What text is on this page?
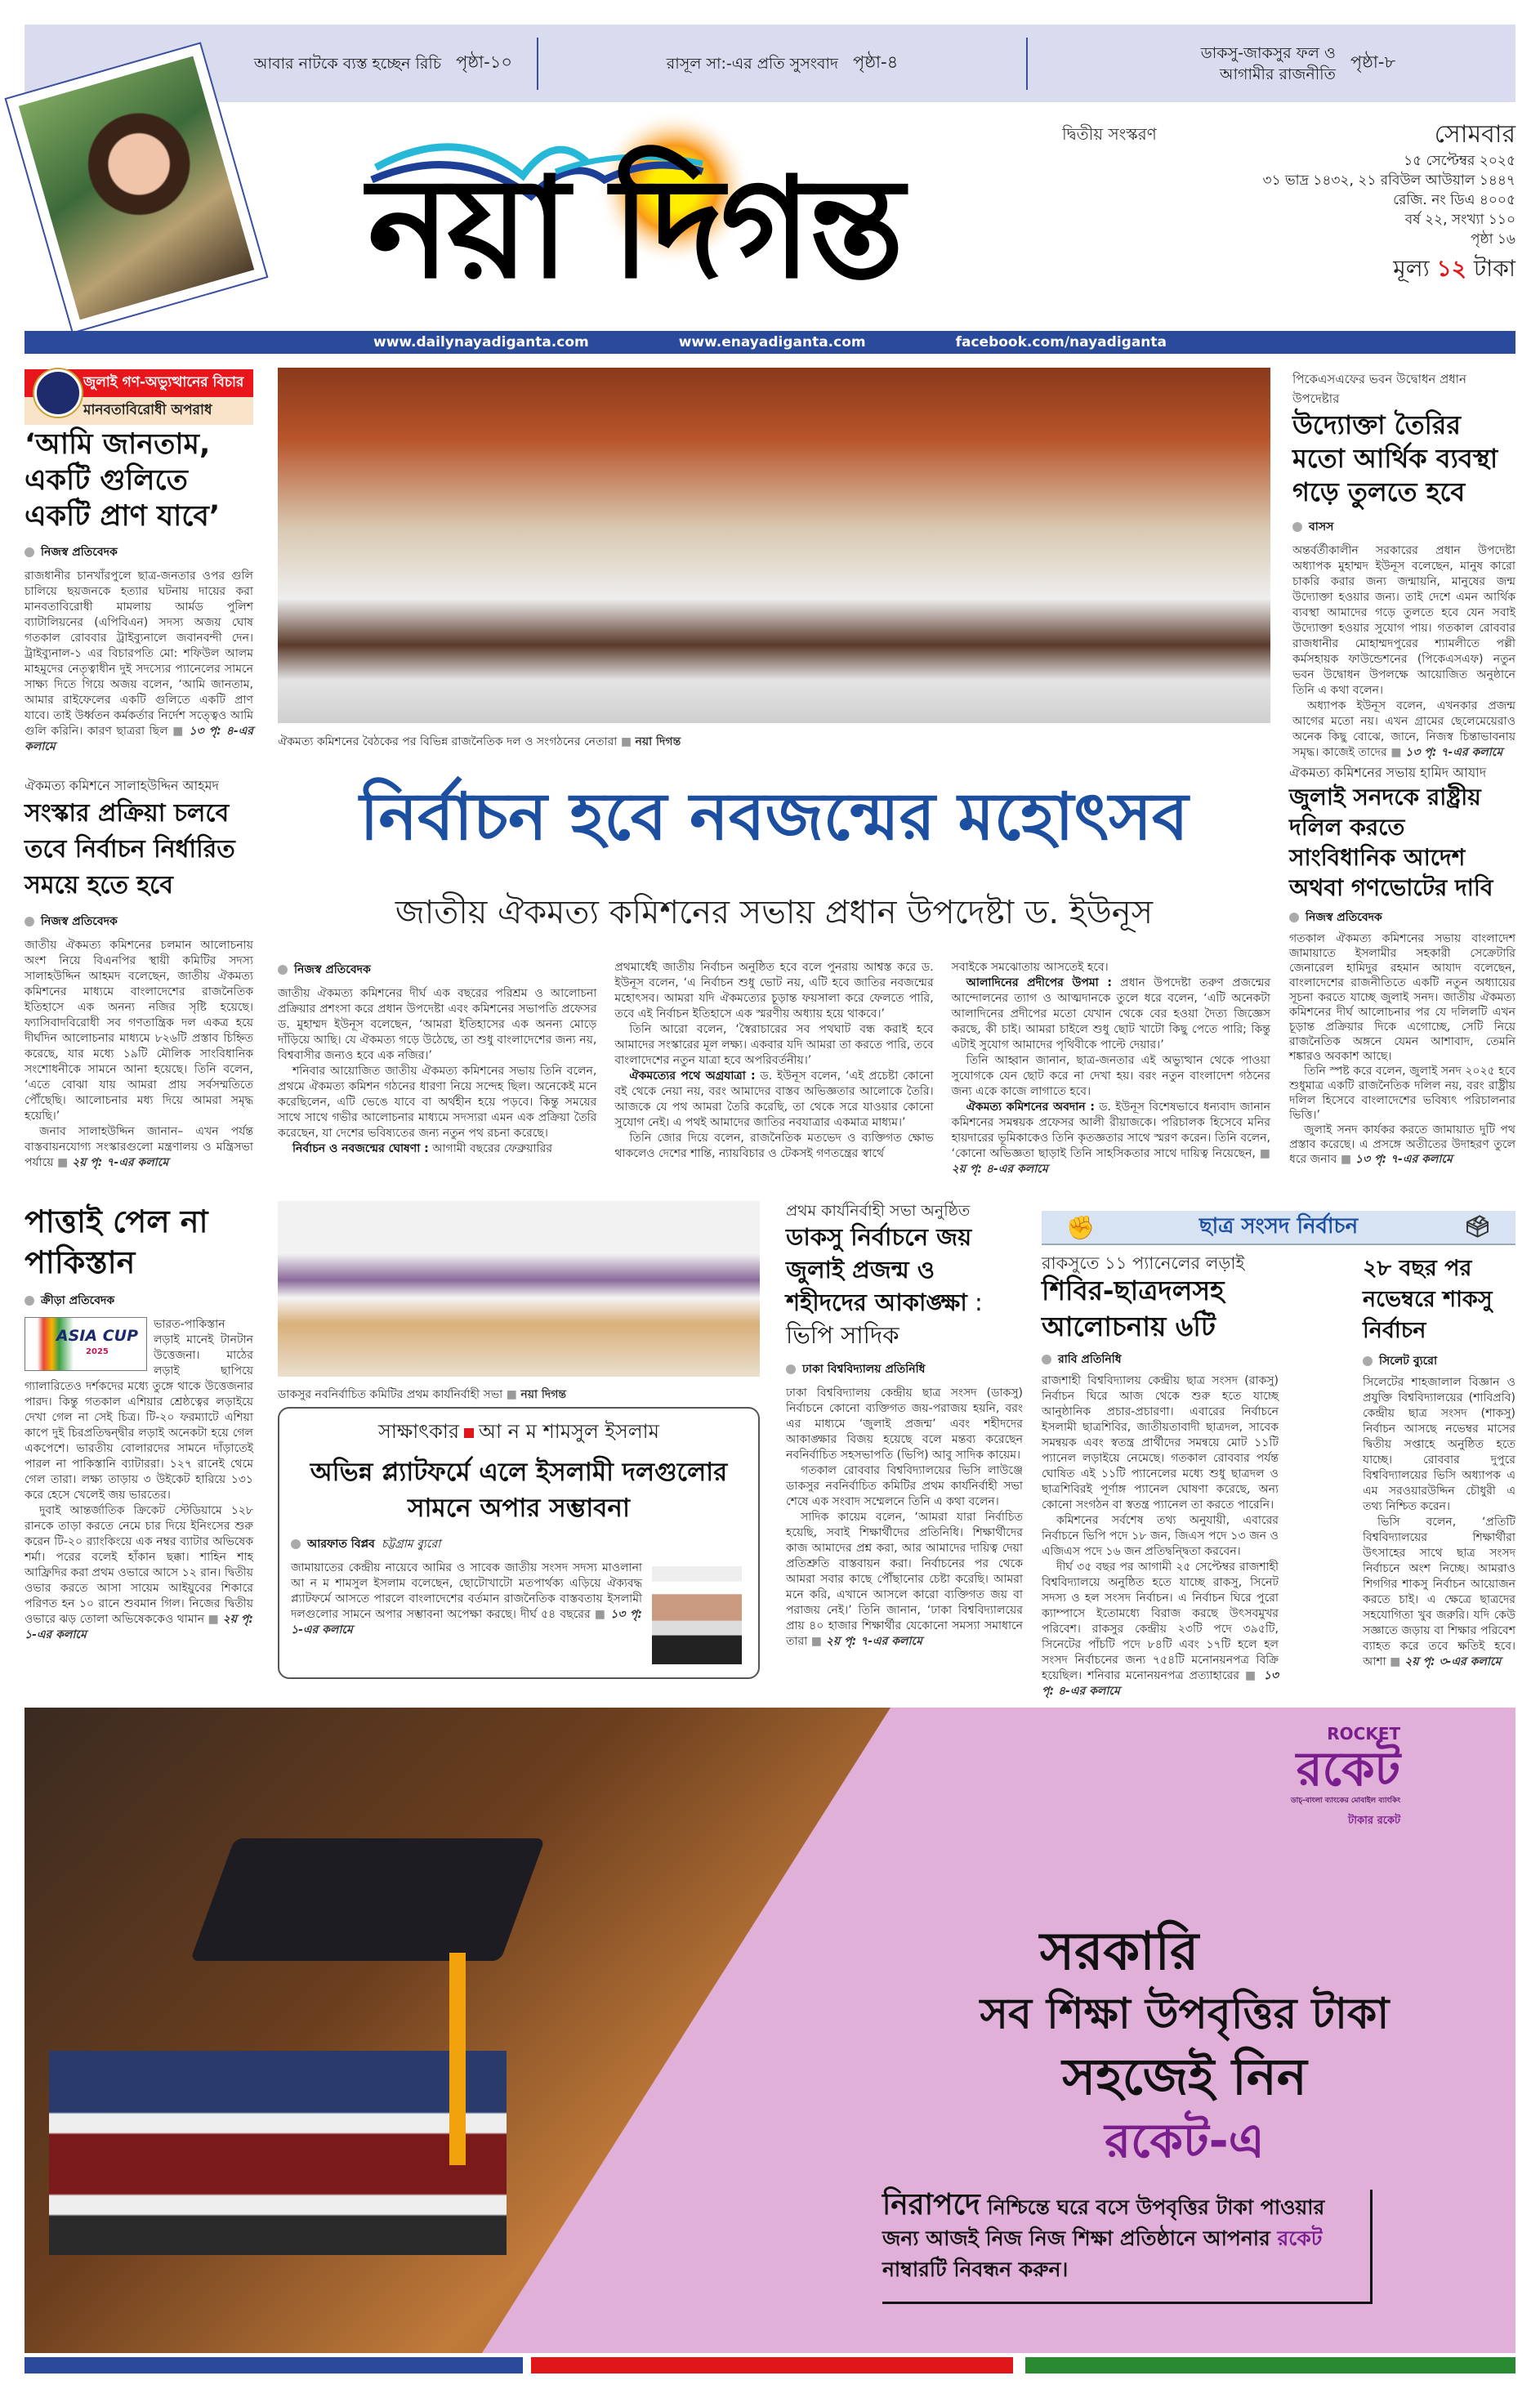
আবার নাটকে ব্যস্ত হচ্ছেন রিচি পৃষ্ঠা-১০	রাসূল সা:-এর প্রতি সুসংবাদ পৃষ্ঠা-৪	ডাকসু-জাকসুর ফল ও আগামীর রাজনীতি
পৃষ্ঠা-৮
নয়া দিগন্ত
দ্বিতীয় সংস্করণ	সোমবার
১৫ সেপ্টেম্বর ২০২৫
৩১ ভাদ্র ১৪৩২, ২১ রবিউল আউয়াল ১৪৪৭
রেজি. নং ডিএ ৪০০৫
বর্ষ ২২, সংখ্যা ১১০
পৃষ্ঠা ১৬
মূল্য ১২ টাকা
www.dailynayadiganta.com	www.enayadiganta.com	facebook.com/nayadiganta
জুলাই গণ-অভ্যুত্থানের বিচার
মানবতাবিরোধী অপরাধ
‘আমি জানতাম, একটি গুলিতে একটি প্রাণ যাবে’
নিজস্ব প্রতিবেদক

রাজধানীর চানখাঁরপুলে ছাত্র-জনতার ওপর গুলি চালিয়ে ছয়জনকে হত্যার ঘটনায় দায়ের করা মানবতাবিরোধী মামলায় আর্মড পুলিশ ব্যাটালিয়নের (এপিবিএন) সদস্য অজয় ঘোষ গতকাল রোববার ট্রাইব্যুনালে জবানবন্দী দেন। ট্রাইব্যুনাল-১ এর বিচারপতি মো: শফিউল আলম মাহমুদের নেতৃত্বাধীন দুই সদস্যের প্যানেলের সামনে সাক্ষ্য দিতে গিয়ে অজয় বলেন, ‘আমি জানতাম, আমার রাইফেলের একটি গুলিতে একটি প্রাণ যাবে। তাই উর্ধ্বতন কর্মকর্তার নির্দেশ সত্ত্বেও আমি গুলি করিনি। কারণ ছাত্ররা ছিল ■ ১৩ পৃ: ৪-এর কলামে	ঐকমত্য কমিশনের বৈঠকের পর বিভিন্ন রাজনৈতিক দল ও সংগঠনের নেতারা ■ নয়া দিগন্ত
পিকেএসএফের ভবন উদ্বোধন প্রধান উপদেষ্টার
উদ্যোক্তা তৈরির মতো আর্থিক ব্যবস্থা গড়ে তুলতে হবে
বাসস

অন্তর্বর্তীকালীন সরকারের প্রধান উপদেষ্টা অধ্যাপক মুহাম্মদ ইউনূস বলেছেন, মানুষ কারো চাকরি করার জন্য জন্মায়নি, মানুষের জন্ম উদ্যোক্তা হওয়ার জন্য। তাই দেশে এমন আর্থিক ব্যবস্থা আমাদের গড়ে তুলতে হবে যেন সবাই উদ্যোক্তা হওয়ার সুযোগ পায়। গতকাল রোববার রাজধানীর মোহাম্মদপুরের শ্যামলীতে পল্লী কর্মসহায়ক ফাউন্ডেশনের (পিকেএসএফ) নতুন ভবন উদ্বোধন উপলক্ষে আয়োজিত অনুষ্ঠানে তিনি এ কথা বলেন।

অধ্যাপক ইউনূস বলেন, এখনকার প্রজন্ম আগের মতো নয়। এখন গ্রামের ছেলেমেয়েরাও অনেক কিছু বোঝে, জানে, নিজস্ব চিন্তাভাবনায় সমৃদ্ধ। কাজেই তাদের ■ ১৩ পৃ: ৭-এর কলামে

ঐকমত্য কমিশনে সালাহউদ্দিন আহমদ
সংস্কার প্রক্রিয়া চলবে তবে নির্বাচন নির্ধারিত সময়ে হতে হবে
নিজস্ব প্রতিবেদক

জাতীয় ঐকমত্য কমিশনের চলমান আলোচনায় অংশ নিয়ে বিএনপির স্থায়ী কমিটির সদস্য সালাহউদ্দিন আহমদ বলেছেন, জাতীয় ঐকমত্য কমিশনের মাধ্যমে বাংলাদেশের রাজনৈতিক ইতিহাসে এক অনন্য নজির সৃষ্টি হয়েছে। ফ্যাসিবাদবিরোধী সব গণতান্ত্রিক দল একত্র হয়ে দীর্ঘদিন আলোচনার মাধ্যমে ৮২৬টি প্রস্তাব চিহ্নিত করেছে, যার মধ্যে ১৯টি মৌলিক সাংবিধানিক সংশোধনীকে সামনে আনা হয়েছে। তিনি বলেন, ‘এতে বোঝা যায় আমরা প্রায় সর্বসম্মতিতে পৌঁছেছি। আলোচনার মধ্য দিয়ে আমরা সমৃদ্ধ হয়েছি।’

জনাব সালাহউদ্দিন জানান– এখন পর্যন্ত বাস্তবায়নযোগ্য সংস্কারগুলো মন্ত্রণালয় ও মন্ত্রিসভা পর্যায়ে ■ ২য় পৃ: ৭-এর কলামে

নির্বাচন হবে নবজন্মের মহোৎসব
জাতীয় ঐকমত্য কমিশনের সভায় প্রধান উপদেষ্টা ড. ইউনূস
নিজস্ব প্রতিবেদক

জাতীয় ঐকমত্য কমিশনের দীর্ঘ এক বছরের পরিশ্রম ও আলোচনা প্রক্রিয়ার প্রশংসা করে প্রধান উপদেষ্টা এবং কমিশনের সভাপতি প্রফেসর ড. মুহাম্মদ ইউনূস বলেছেন, ‘আমরা ইতিহাসের এক অনন্য মোড়ে দাঁড়িয়ে আছি। যে ঐকমত্য গড়ে উঠেছে, তা শুধু বাংলাদেশের জন্য নয়, বিশ্ববাসীর জন্যও হবে এক নজির।’

শনিবার আয়োজিত জাতীয় ঐকমত্য কমিশনের সভায় তিনি বলেন, প্রথমে ঐকমত্য কমিশন গঠনের ধারণা নিয়ে সন্দেহ ছিল। অনেকেই মনে করেছিলেন, এটি ভেঙে যাবে বা অর্থহীন হয়ে পড়বে। কিন্তু সময়ের সাথে সাথে গভীর আলোচনার মাধ্যমে সদস্যরা এমন এক প্রক্রিয়া তৈরি করেছেন, যা দেশের ভবিষ্যতের জন্য নতুন পথ রচনা করেছে।

নির্বাচন ও নবজন্মের ঘোষণা : আগামী বছরের ফেব্রুয়ারির

প্রথমার্ধেই জাতীয় নির্বাচন অনুষ্ঠিত হবে বলে পুনরায় আশ্বস্ত করে ড. ইউনূস বলেন, ‘এ নির্বাচন শুধু ভোট নয়, এটি হবে জাতির নবজন্মের মহোৎসব। আমরা যদি ঐকমত্যের চূড়ান্ত ফয়সালা করে ফেলতে পারি, তবে এই নির্বাচন ইতিহাসে এক স্মরণীয় অধ্যায় হয়ে থাকবে।’

তিনি আরো বলেন, ‘স্বৈরাচারের সব পথঘাট বন্ধ করাই হবে আমাদের সংস্কারের মূল লক্ষ্য। একবার যদি আমরা তা করতে পারি, তবে বাংলাদেশের নতুন যাত্রা হবে অপরিবর্তনীয়।’

ঐকমত্যের পথে অগ্রযাত্রা : ড. ইউনূস বলেন, ‘এই প্রচেষ্টা কোনো বই থেকে নেয়া নয়, বরং আমাদের বাস্তব অভিজ্ঞতার আলোকে তৈরি। আজকে যে পথ আমরা তৈরি করেছি, তা থেকে সরে যাওয়ার কোনো সুযোগ নেই। এ পথই আমাদের জাতির নবযাত্রার একমাত্র মাধ্যম।’

তিনি জোর দিয়ে বলেন, রাজনৈতিক মতভেদ ও ব্যক্তিগত ক্ষোভ থাকলেও দেশের শান্তি, ন্যায়বিচার ও টেকসই গণতন্ত্রের স্বার্থে

সবাইকে সমঝোতায় আসতেই হবে।

আলাদিনের প্রদীপের উপমা : প্রধান উপদেষ্টা তরুণ প্রজন্মের আন্দোলনের ত্যাগ ও আত্মদানকে তুলে ধরে বলেন, ‘এটি অনেকটা আলাদিনের প্রদীপের মতো যেখান থেকে বের হওয়া দৈত্য জিজ্ঞেস করছে, কী চাই। আমরা চাইলে শুধু ছোট খাটো কিছু পেতে পারি; কিন্তু এটাই সুযোগ আমাদের পৃথিবীকে পাল্টে দেয়ার।’

তিনি আহ্বান জানান, ছাত্র-জনতার এই অভ্যুত্থান থেকে পাওয়া সুযোগকে যেন ছোট করে না দেখা হয়। বরং নতুন বাংলাদেশ গঠনের জন্য একে কাজে লাগাতে হবে।

ঐকমত্য কমিশনের অবদান : ড. ইউনূস বিশেষভাবে ধন্যবাদ জানান কমিশনের সমন্বয়ক প্রফেসর আলী রীয়াজকে। পরিচালক হিসেবে মনির হায়দারের ভূমিকাকেও তিনি কৃতজ্ঞতার সাথে স্মরণ করেন। তিনি বলেন, ‘কোনো অভিজ্ঞতা ছাড়াই তিনি সাহসিকতার সাথে দায়িত্ব নিয়েছেন, ■ ২য় পৃ: ৪-এর কলামে

ঐকমত্য কমিশনের সভায় হামিদ আযাদ
জুলাই সনদকে রাষ্ট্রীয় দলিল করতে সাংবিধানিক আদেশ অথবা গণভোটের দাবি
নিজস্ব প্রতিবেদক

গতকাল ঐকমত্য কমিশনের সভায় বাংলাদেশ জামায়াতে ইসলামীর সহকারী সেক্রেটারি জেনারেল হামিদুর রহমান আযাদ বলেছেন, বাংলাদেশের রাজনীতিতে একটি নতুন অধ্যায়ের সূচনা করতে যাচ্ছে জুলাই সনদ। জাতীয় ঐকমত্য কমিশনের দীর্ঘ আলোচনার পর যে দলিলটি এখন চূড়ান্ত প্রক্রিয়ার দিকে এগোচ্ছে, সেটি নিয়ে রাজনৈতিক অঙ্গনে যেমন আশাবাদ, তেমনি শঙ্কারও অবকাশ আছে।

তিনি স্পষ্ট করে বলেন, জুলাই সনদ ২০২৫ হবে শুধুমাত্র একটি রাজনৈতিক দলিল নয়, বরং রাষ্ট্রীয় দলিল হিসেবে বাংলাদেশের ভবিষ্যৎ পরিচালনার ভিত্তি।’

জুলাই সনদ কার্যকর করতে জামায়াত দুটি পথ প্রস্তাব করেছে। এ প্রসঙ্গে অতীতের উদাহরণ তুলে ধরে জনাব ■ ১৩ পৃ: ৭-এর কলামে

পাত্তাই পেল না পাকিস্তান
ক্রীড়া প্রতিবেদক
ASIA CUP
2025

ভারত-পাকিস্তান লড়াই মানেই টানটান উত্তেজনা। মাঠের লড়াই ছাপিয়ে গ্যালারিতেও দর্শকদের মধ্যে তুঙ্গে থাকে উত্তেজনার পারদ। কিন্তু গতকাল এশিয়ার শ্রেষ্ঠত্বের লড়াইয়ে দেখা গেল না সেই চিত্র। টি-২০ ফরম্যাটে এশিয়া কাপে দুই চিরপ্রতিদ্বন্দ্বীর লড়াই অনেকটা হয়ে গেল একপেশে। ভারতীয় বোলারদের সামনে দাঁড়াতেই পারল না পাকিস্তানি ব্যাটাররা। ১২৭ রানেই থেমে গেল তারা। লক্ষ্য তাড়ায় ৩ উইকেট হারিয়ে ১৩১ করে হেসে খেলেই জয় ভারতের।

দুবাই আন্তর্জাতিক ক্রিকেট স্টেডিয়ামে ১২৮ রানকে তাড়া করতে নেমে চার দিয়ে ইনিংসের শুরু করেন টি-২০ র‍্যাংকিংয়ে এক নম্বর ব্যাটার অভিষেক শর্মা। পরের বলেই হাঁকান ছক্কা। শাহিন শাহ আফ্রিদির করা প্রথম ওভারে আসে ১২ রান। দ্বিতীয় ওভার করতে আসা সায়েম আইয়ুবের শিকারে পরিণত হন ১০ রানে শুবমান গিল। নিজের দ্বিতীয় ওভারে ঝড় তোলা অভিষেককেও থামান ■ ২য় পৃ: ১-এর কলামে

ডাকসুর নবনির্বাচিত কমিটির প্রথম কার্যনির্বাহী সভা ■ নয়া দিগন্ত
সাক্ষাৎকার আ ন ম শামসুল ইসলাম
অভিন্ন প্ল্যাটফর্মে এলে ইসলামী দলগুলোর সামনে অপার সম্ভাবনা
আরফাত বিপ্লব চট্টগ্রাম ব্যুরো

জামায়াতের কেন্দ্রীয় নায়েবে আমির ও সাবেক জাতীয় সংসদ সদস্য মাওলানা আ ন ম শামসুল ইসলাম বলেছেন, ছোটোখাটো মতপার্থক্য এড়িয়ে ঐক্যবদ্ধ প্ল্যাটফর্মে আসতে পারলে বাংলাদেশের বর্তমান রাজনৈতিক বাস্তবতায় ইসলামী দলগুলোর সামনে অপার সম্ভাবনা অপেক্ষা করছে। দীর্ঘ ৫৪ বছরের ■ ১৩ পৃ: ১-এর কলামে

প্রথম কার্যনির্বাহী সভা অনুষ্ঠিত
ডাকসু নির্বাচনে জয় জুলাই প্রজন্ম ও শহীদদের আকাঙ্ক্ষা : ভিপি সাদিক
ঢাকা বিশ্ববিদ্যালয় প্রতিনিধি

ঢাকা বিশ্ববিদ্যালয় কেন্দ্রীয় ছাত্র সংসদ (ডাকসু) নির্বাচনে কোনো ব্যক্তিগত জয়-পরাজয় হয়নি, বরং এর মাধ্যমে ‘জুলাই প্রজন্ম’ এবং শহীদদের আকাঙ্ক্ষার বিজয় হয়েছে বলে মন্তব্য করেছেন নবনির্বাচিত সহসভাপতি (ভিপি) আবু সাদিক কায়েম।

গতকাল রোববার বিশ্ববিদ্যালয়ের ভিসি লাউঞ্জে ডাকসুর নবনির্বাচিত কমিটির প্রথম কার্যনির্বাহী সভা শেষে এক সংবাদ সম্মেলনে তিনি এ কথা বলেন।

সাদিক কায়েম বলেন, ‘আমরা যারা নির্বাচিত হয়েছি, সবাই শিক্ষার্থীদের প্রতিনিধি। শিক্ষার্থীদের কাজ আমাদের প্রশ্ন করা, আর আমাদের দায়িত্ব দেয়া প্রতিশ্রুতি বাস্তবায়ন করা। নির্বাচনের পর থেকে আমরা সবার কাছে পৌঁছানোর চেষ্টা করেছি। আমরা মনে করি, এখানে আসলে কারো ব্যক্তিগত জয় বা পরাজয় নেই।’ তিনি জানান, ‘ঢাকা বিশ্ববিদ্যালয়ের প্রায় ৪০ হাজার শিক্ষার্থীর যেকোনো সমস্যা সমাধানে তারা ■ ২য় পৃ: ৭-এর কলামে

✊	ছাত্র সংসদ নির্বাচন	🗳
রাকসুতে ১১ প্যানেলের লড়াই
শিবির-ছাত্রদলসহ আলোচনায় ৬টি
রাবি প্রতিনিধি

রাজশাহী বিশ্ববিদ্যালয় কেন্দ্রীয় ছাত্র সংসদ (রাকসু) নির্বাচন ঘিরে আজ থেকে শুরু হতে যাচ্ছে আনুষ্ঠানিক প্রচার-প্রচারণা। এবারের নির্বাচনে ইসলামী ছাত্রশিবির, জাতীয়তাবাদী ছাত্রদল, সাবেক সমন্বয়ক এবং স্বতন্ত্র প্রার্থীদের সমন্বয়ে মোট ১১টি প্যানেল লড়াইয়ে নেমেছে। গতকাল রোববার পর্যন্ত ঘোষিত এই ১১টি প্যানেলের মধ্যে শুধু ছাত্রদল ও ছাত্রশিবিরই পূর্ণাঙ্গ প্যানেল ঘোষণা করেছে, অন্য কোনো সংগঠন বা স্বতন্ত্র প্যানেল তা করতে পারেনি।

কমিশনের সর্বশেষ তথ্য অনুযায়ী, এবারের নির্বাচনে ভিপি পদে ১৮ জন, জিএস পদে ১৩ জন ও এজিএস পদে ১৬ জন প্রতিদ্বন্দ্বিতা করবেন।

দীর্ঘ ৩৫ বছর পর আগামী ২৫ সেপ্টেম্বর রাজশাহী বিশ্ববিদ্যালয়ে অনুষ্ঠিত হতে যাচ্ছে রাকসু, সিনেট সদস্য ও হল সংসদ নির্বাচন। এ নির্বাচন ঘিরে পুরো ক্যাম্পাসে ইতোমধ্যে বিরাজ করছে উৎসবমুখর পরিবেশ। রাকসুর কেন্দ্রীয় ২৩টি পদে ৩৯৫টি, সিনেটের পাঁচটি পদে ৮৪টি এবং ১৭টি হলে হল সংসদ নির্বাচনের জন্য ৭৫৪টি মনোনয়নপত্র বিক্রি হয়েছিল। শনিবার মনোনয়নপত্র প্রত্যাহারের ■ ১৩ পৃ: ৪-এর কলামে

২৮ বছর পর নভেম্বরে শাকসু নির্বাচন
সিলেট ব্যুরো

সিলেটের শাহজালাল বিজ্ঞান ও প্রযুক্তি বিশ্ববিদ্যালয়ের (শাবিপ্রবি) কেন্দ্রীয় ছাত্র সংসদ (শাকসু) নির্বাচন আসছে নভেম্বর মাসের দ্বিতীয় সপ্তাহে অনুষ্ঠিত হতে যাচ্ছে। রোববার দুপুরে বিশ্ববিদ্যালয়ের ভিসি অধ্যাপক এ এম সরওয়ারউদ্দিন চৌধুরী এ তথ্য নিশ্চিত করেন।

ভিসি বলেন, ‘প্রতিটি বিশ্ববিদ্যালয়ের শিক্ষার্থীরা উৎসাহের সাথে ছাত্র সংসদ নির্বাচনে অংশ নিচ্ছে। আমরাও শিগগির শাকসু নির্বাচন আয়োজন করতে চাই। এ ক্ষেত্রে ছাত্রদের সহযোগিতা খুব জরুরি। যদি কেউ সজ্ঞাতে জড়ায় বা শিক্ষার পরিবেশ ব্যাহত করে তবে ক্ষতিই হবে। আশা ■ ২য় পৃ: ৩-এর কলামে

ROCKET
রকেট
ডাচ্‌-বাংলা ব্যাংকের মোবাইল ব্যাংকিং
টাকার রকেট
সরকারি
সব শিক্ষা উপবৃত্তির টাকা
সহজেই নিন
রকেট-এ
নিরাপদে নিশ্চিন্তে ঘরে বসে উপবৃত্তির টাকা পাওয়ার জন্য আজই নিজ নিজ শিক্ষা প্রতিষ্ঠানে আপনার রকেট নাম্বারটি নিবন্ধন করুন।
